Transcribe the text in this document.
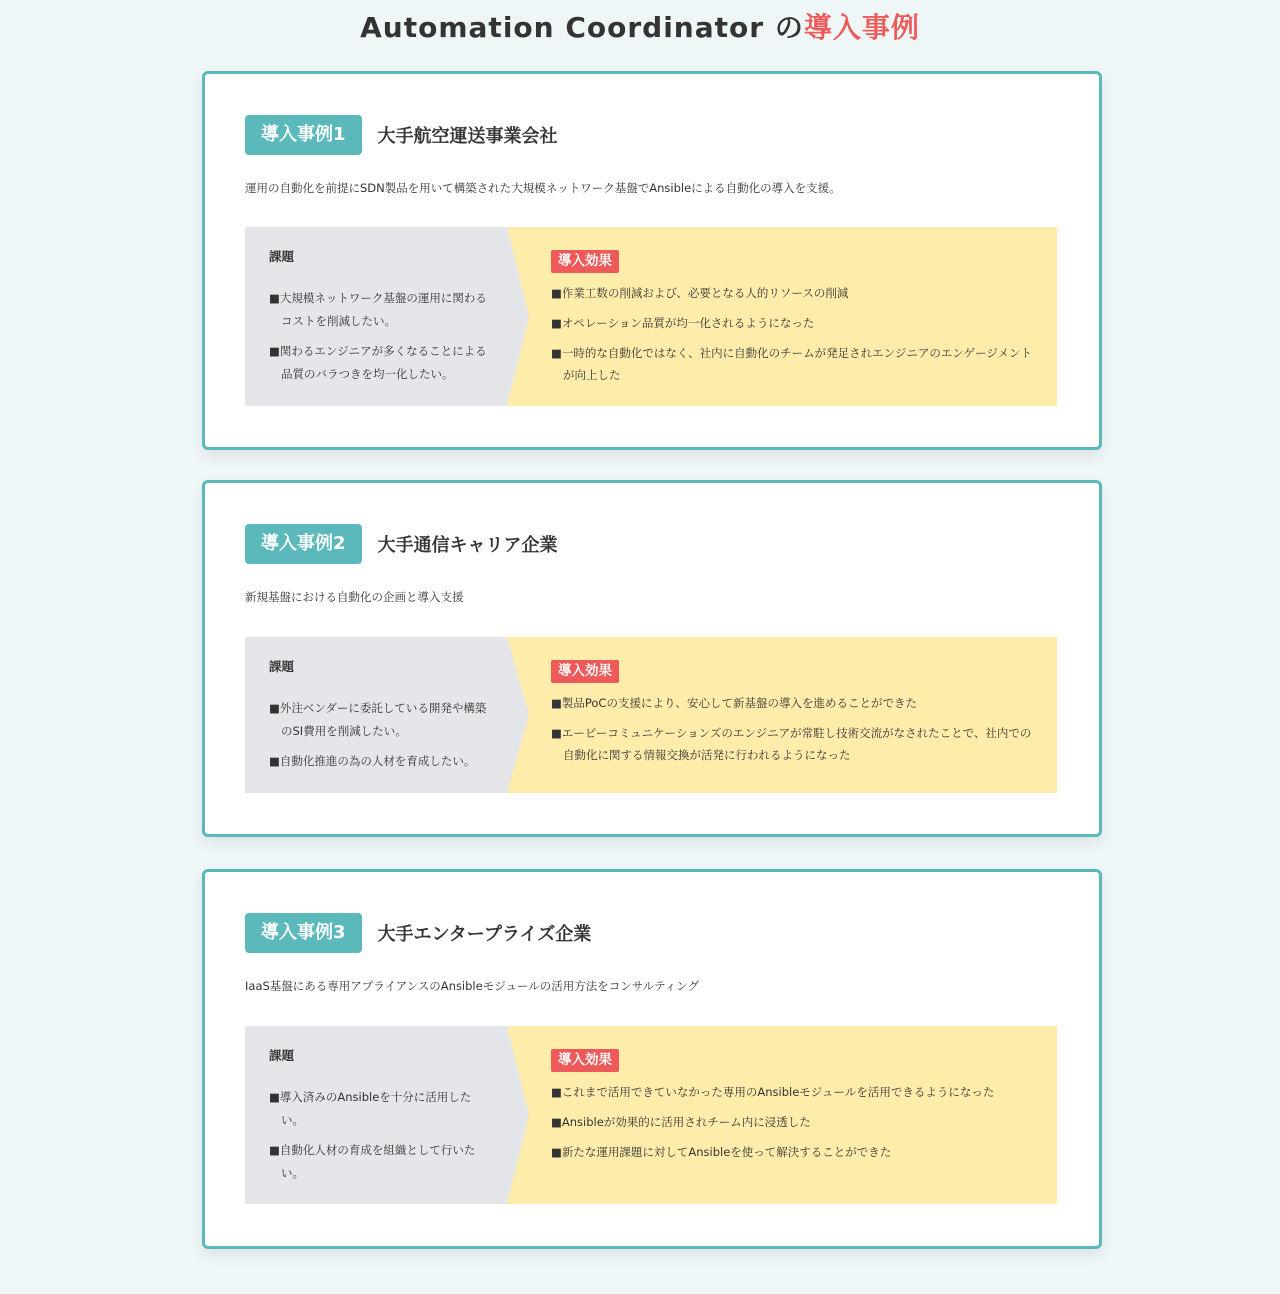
Automation Coordinator の導入事例
導入事例1	大手航空運送事業会社

運用の自動化を前提にSDN製品を用いて構築された大規模ネットワーク基盤でAnsibleによる自動化の導入を支援。

課題
■大規模ネットワーク基盤の運用に関わるコストを削減したい。
■関わるエンジニアが多くなることによる品質のバラつきを均一化したい。
導入効果
■作業工数の削減および、必要となる人的リソースの削減
■オペレーション品質が均一化されるようになった
■一時的な自動化ではなく、社内に自動化のチームが発足されエンジニアのエンゲージメントが向上した
導入事例2	大手通信キャリア企業

新規基盤における自動化の企画と導入支援

課題
■外注ベンダーに委託している開発や構築のSI費用を削減したい。
■自動化推進の為の人材を育成したい。
導入効果
■製品PoCの支援により、安心して新基盤の導入を進めることができた
■エーピーコミュニケーションズのエンジニアが常駐し技術交流がなされたことで、社内での自動化に関する情報交換が活発に行われるようになった
導入事例3	大手エンタープライズ企業

IaaS基盤にある専用アプライアンスのAnsibleモジュールの活用方法をコンサルティング

課題
■導入済みのAnsibleを十分に活用したい。
■自動化人材の育成を組織として行いたい。
導入効果
■これまで活用できていなかった専用のAnsibleモジュールを活用できるようになった
■Ansibleが効果的に活用されチーム内に浸透した
■新たな運用課題に対してAnsibleを使って解決することができた
